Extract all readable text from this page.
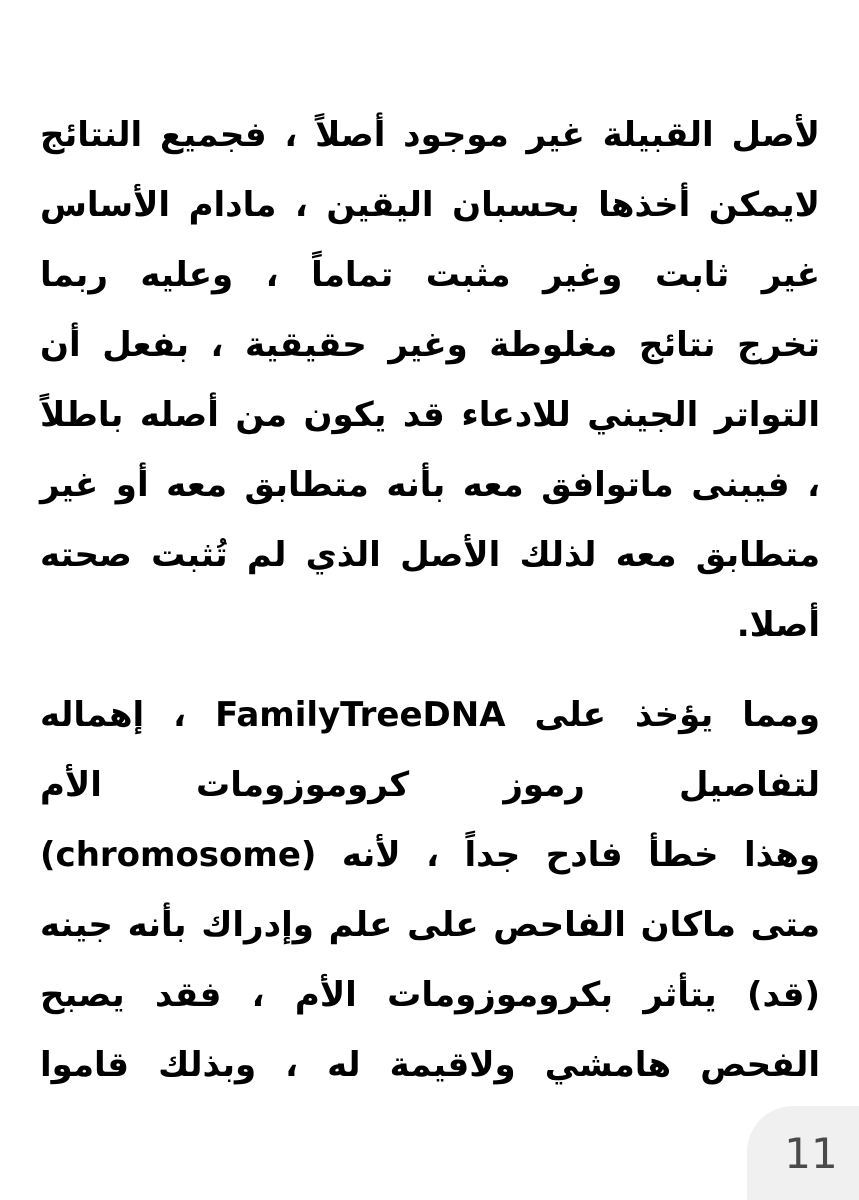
لأصل القبيلة غير موجود أصلاً ، فجميع النتائج
لايمكن أخذها بحسبان اليقين ، مادام الأساس
غير ثابت وغير مثبت تماماً ، وعليه ربما
تخرج نتائج مغلوطة وغير حقيقية ، بفعل أن
التواتر الجيني للادعاء قد يكون من أصله باطلاً
، فيبنى ماتوافق معه بأنه متطابق معه أو غير
متطابق معه لذلك الأصل الذي لم تُثبت صحته
أصلا.
ومما يؤخذ على FamilyTreeDNA ، إهماله
لتفاصيل رموز كروموزومات الأم
(chromosome) وهذا خطأ فادح جداً ، لأنه
متى ماكان الفاحص على علم وإدراك بأنه جينه
(قد) يتأثر بكروموزومات الأم ، فقد يصبح
الفحص هامشي ولاقيمة له ، وبذلك قاموا
11
